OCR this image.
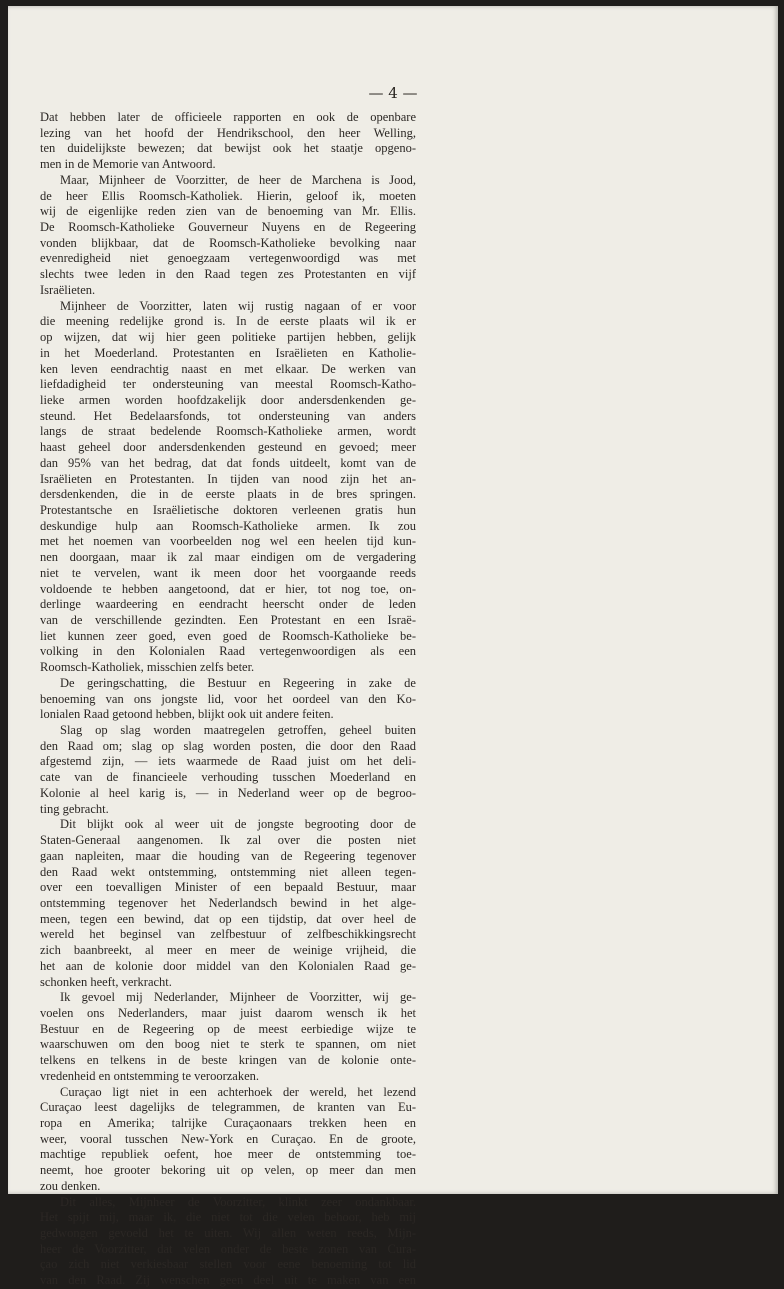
— 4 —
Dat hebben later de officieele rapporten en ook de openbare
lezing van het hoofd der Hendrikschool, den heer Welling,
ten duidelijkste bewezen; dat bewijst ook het staatje opgeno-
men in de Memorie van Antwoord.
Maar, Mijnheer de Voorzitter, de heer de Marchena is Jood,
de heer Ellis Roomsch-Katholiek. Hierin, geloof ik, moeten
wij de eigenlijke reden zien van de benoeming van Mr. Ellis.
De Roomsch-Katholieke Gouverneur Nuyens en de Regeering
vonden blijkbaar, dat de Roomsch-Katholieke bevolking naar
evenredigheid niet genoegzaam vertegenwoordigd was met
slechts twee leden in den Raad tegen zes Protestanten en vijf
Israëlieten.
Mijnheer de Voorzitter, laten wij rustig nagaan of er voor
die meening redelijke grond is. In de eerste plaats wil ik er
op wijzen, dat wij hier geen politieke partijen hebben, gelijk
in het Moederland. Protestanten en Israëlieten en Katholie-
ken leven eendrachtig naast en met elkaar. De werken van
liefdadigheid ter ondersteuning van meestal Roomsch-Katho-
lieke armen worden hoofdzakelijk door andersdenkenden ge-
steund. Het Bedelaarsfonds, tot ondersteuning van anders
langs de straat bedelende Roomsch-Katholieke armen, wordt
haast geheel door andersdenkenden gesteund en gevoed; meer
dan 95% van het bedrag, dat dat fonds uitdeelt, komt van de
Israëlieten en Protestanten. In tijden van nood zijn het an-
dersdenkenden, die in de eerste plaats in de bres springen.
Protestantsche en Israëlietische doktoren verleenen gratis hun
deskundige hulp aan Roomsch-Katholieke armen. Ik zou
met het noemen van voorbeelden nog wel een heelen tijd kun-
nen doorgaan, maar ik zal maar eindigen om de vergadering
niet te vervelen, want ik meen door het voorgaande reeds
voldoende te hebben aangetoond, dat er hier, tot nog toe, on-
derlinge waardeering en eendracht heerscht onder de leden
van de verschillende gezindten. Een Protestant en een Israë-
liet kunnen zeer goed, even goed de Roomsch-Katholieke be-
volking in den Kolonialen Raad vertegenwoordigen als een
Roomsch-Katholiek, misschien zelfs beter.
De geringschatting, die Bestuur en Regeering in zake de
benoeming van ons jongste lid, voor het oordeel van den Ko-
lonialen Raad getoond hebben, blijkt ook uit andere feiten.
Slag op slag worden maatregelen getroffen, geheel buiten
den Raad om; slag op slag worden posten, die door den Raad
afgestemd zijn, — iets waarmede de Raad juist om het deli-
cate van de financieele verhouding tusschen Moederland en
Kolonie al heel karig is, — in Nederland weer op de begroo-
ting gebracht.
Dit blijkt ook al weer uit de jongste begrooting door de
Staten-Generaal aangenomen. Ik zal over die posten niet
gaan napleiten, maar die houding van de Regeering tegenover
den Raad wekt ontstemming, ontstemming niet alleen tegen-
over een toevalligen Minister of een bepaald Bestuur, maar
ontstemming tegenover het Nederlandsch bewind in het alge-
meen, tegen een bewind, dat op een tijdstip, dat over heel de
wereld het beginsel van zelfbestuur of zelfbeschikkingsrecht
zich baanbreekt, al meer en meer de weinige vrijheid, die
het aan de kolonie door middel van den Kolonialen Raad ge-
schonken heeft, verkracht.
Ik gevoel mij Nederlander, Mijnheer de Voorzitter, wij ge-
voelen ons Nederlanders, maar juist daarom wensch ik het
Bestuur en de Regeering op de meest eerbiedige wijze te
waarschuwen om den boog niet te sterk te spannen, om niet
telkens en telkens in de beste kringen van de kolonie onte-
vredenheid en ontstemming te veroorzaken.
Curaçao ligt niet in een achterhoek der wereld, het lezend
Curaçao leest dagelijks de telegrammen, de kranten van Eu-
ropa en Amerika; talrijke Curaçaonaars trekken heen en
weer, vooral tusschen New-York en Curaçao. En de groote,
machtige republiek oefent, hoe meer de ontstemming toe-
neemt, hoe grooter bekoring uit op velen, op meer dan men
zou denken.
Dit alles, Mijnheer de Voorzitter, klinkt zeer ondankbaar.
Het spijt mij, maar ik, die niet tot die velen behoor, heb mij
gedwongen gevoeld het te uiten. Wij allen weten reeds, Mijn-
heer de Voorzitter, dat velen onder de beste zonen van Cura-
çao zich niet verkiesbaar stellen voor eene benoeming tot lid
van den Raad. Zij wenschen geen deel uit te maken van een
